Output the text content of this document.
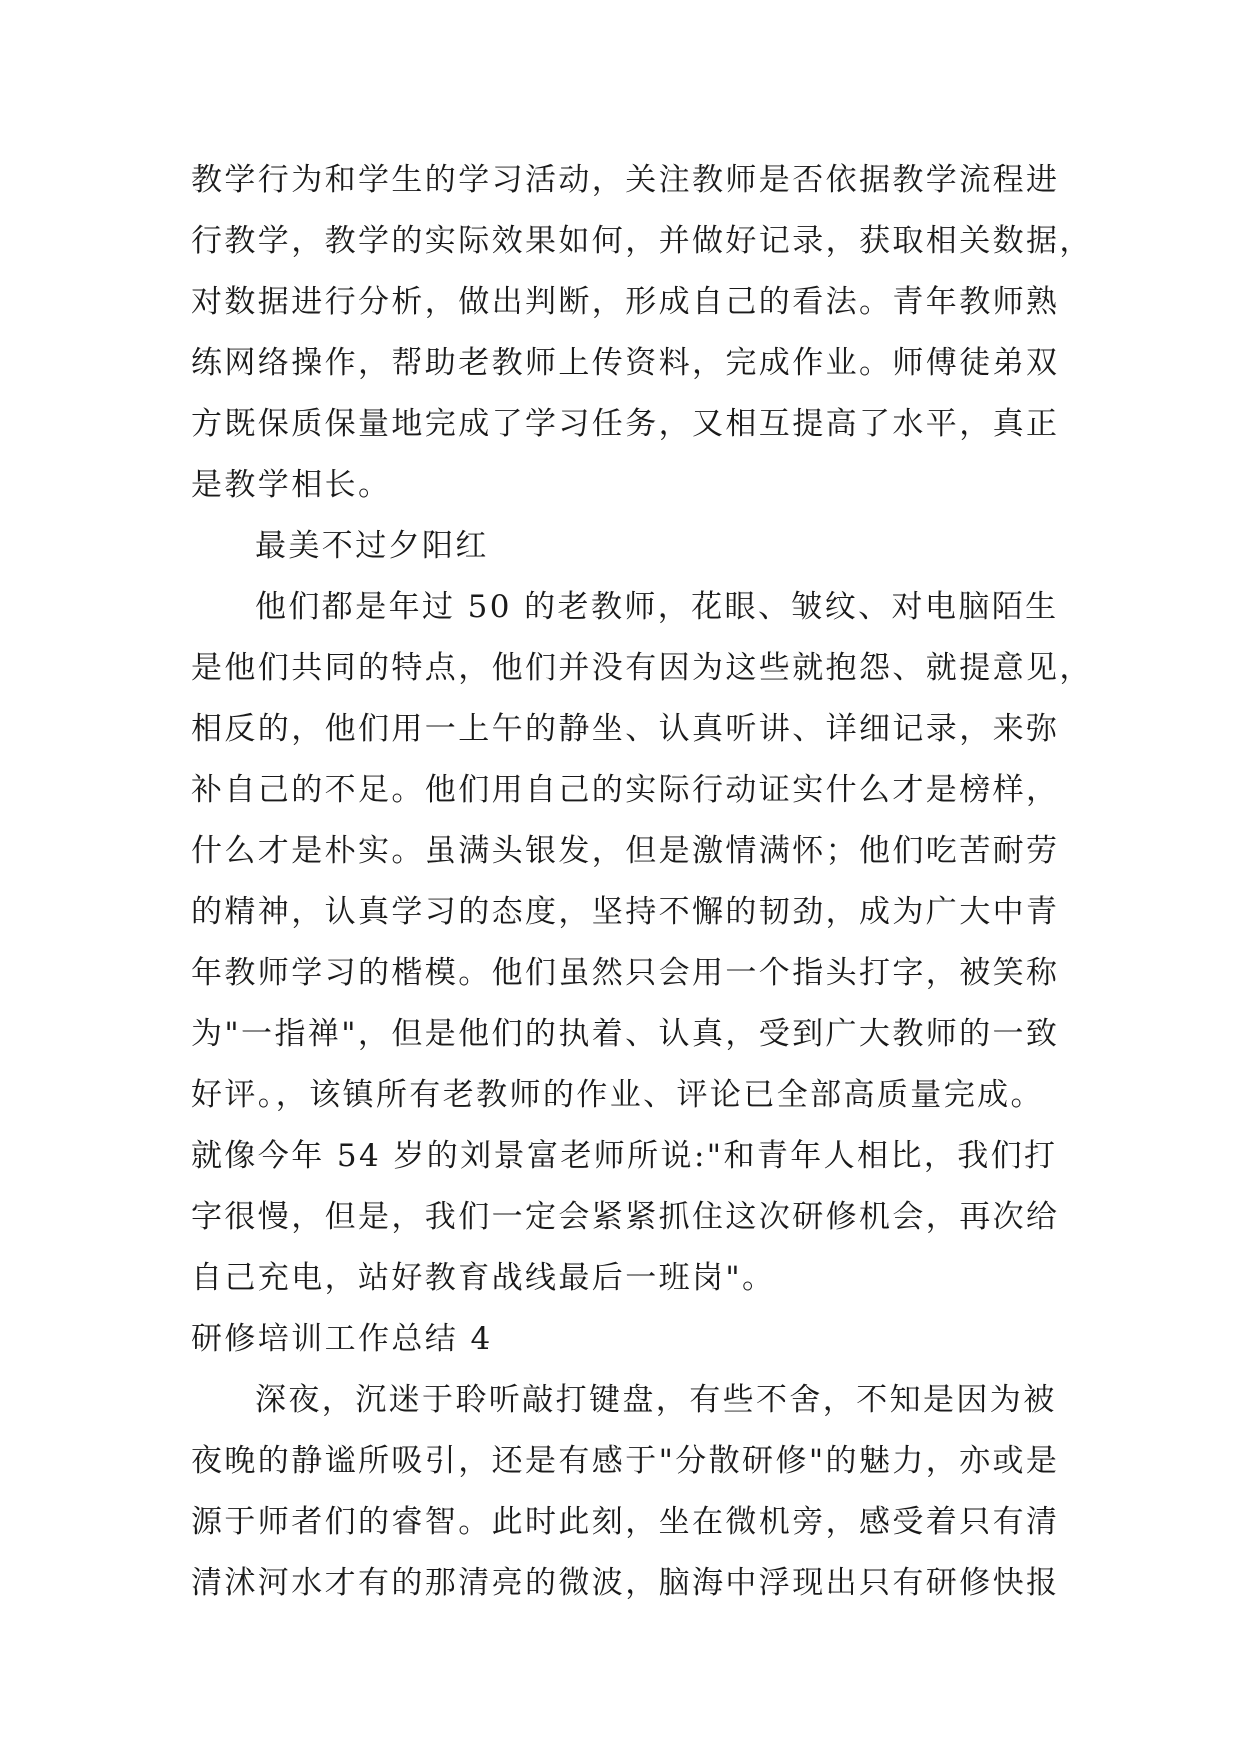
教学行为和学生的学习活动，关注教师是否依据教学流程进
行教学，教学的实际效果如何，并做好记录，获取相关数据，
对数据进行分析，做出判断，形成自己的看法。青年教师熟
练网络操作，帮助老教师上传资料，完成作业。师傅徒弟双
方既保质保量地完成了学习任务，又相互提高了水平，真正
是教学相长。
最美不过夕阳红
他们都是年过 50 的老教师，花眼、皱纹、对电脑陌生
是他们共同的特点，他们并没有因为这些就抱怨、就提意见，
相反的，他们用一上午的静坐、认真听讲、详细记录，来弥
补自己的不足。他们用自己的实际行动证实什么才是榜样，
什么才是朴实。虽满头银发，但是激情满怀；他们吃苦耐劳
的精神，认真学习的态度，坚持不懈的韧劲，成为广大中青
年教师学习的楷模。他们虽然只会用一个指头打字，被笑称
为"一指禅"，但是他们的执着、认真，受到广大教师的一致
好评。，该镇所有老教师的作业、评论已全部高质量完成。
就像今年 54 岁的刘景富老师所说:"和青年人相比，我们打
字很慢，但是，我们一定会紧紧抓住这次研修机会，再次给
自己充电，站好教育战线最后一班岗"。
研修培训工作总结 4
深夜，沉迷于聆听敲打键盘，有些不舍，不知是因为被
夜晚的静谧所吸引，还是有感于"分散研修"的魅力，亦或是
源于师者们的睿智。此时此刻，坐在微机旁，感受着只有清
清沭河水才有的那清亮的微波，脑海中浮现出只有研修快报
